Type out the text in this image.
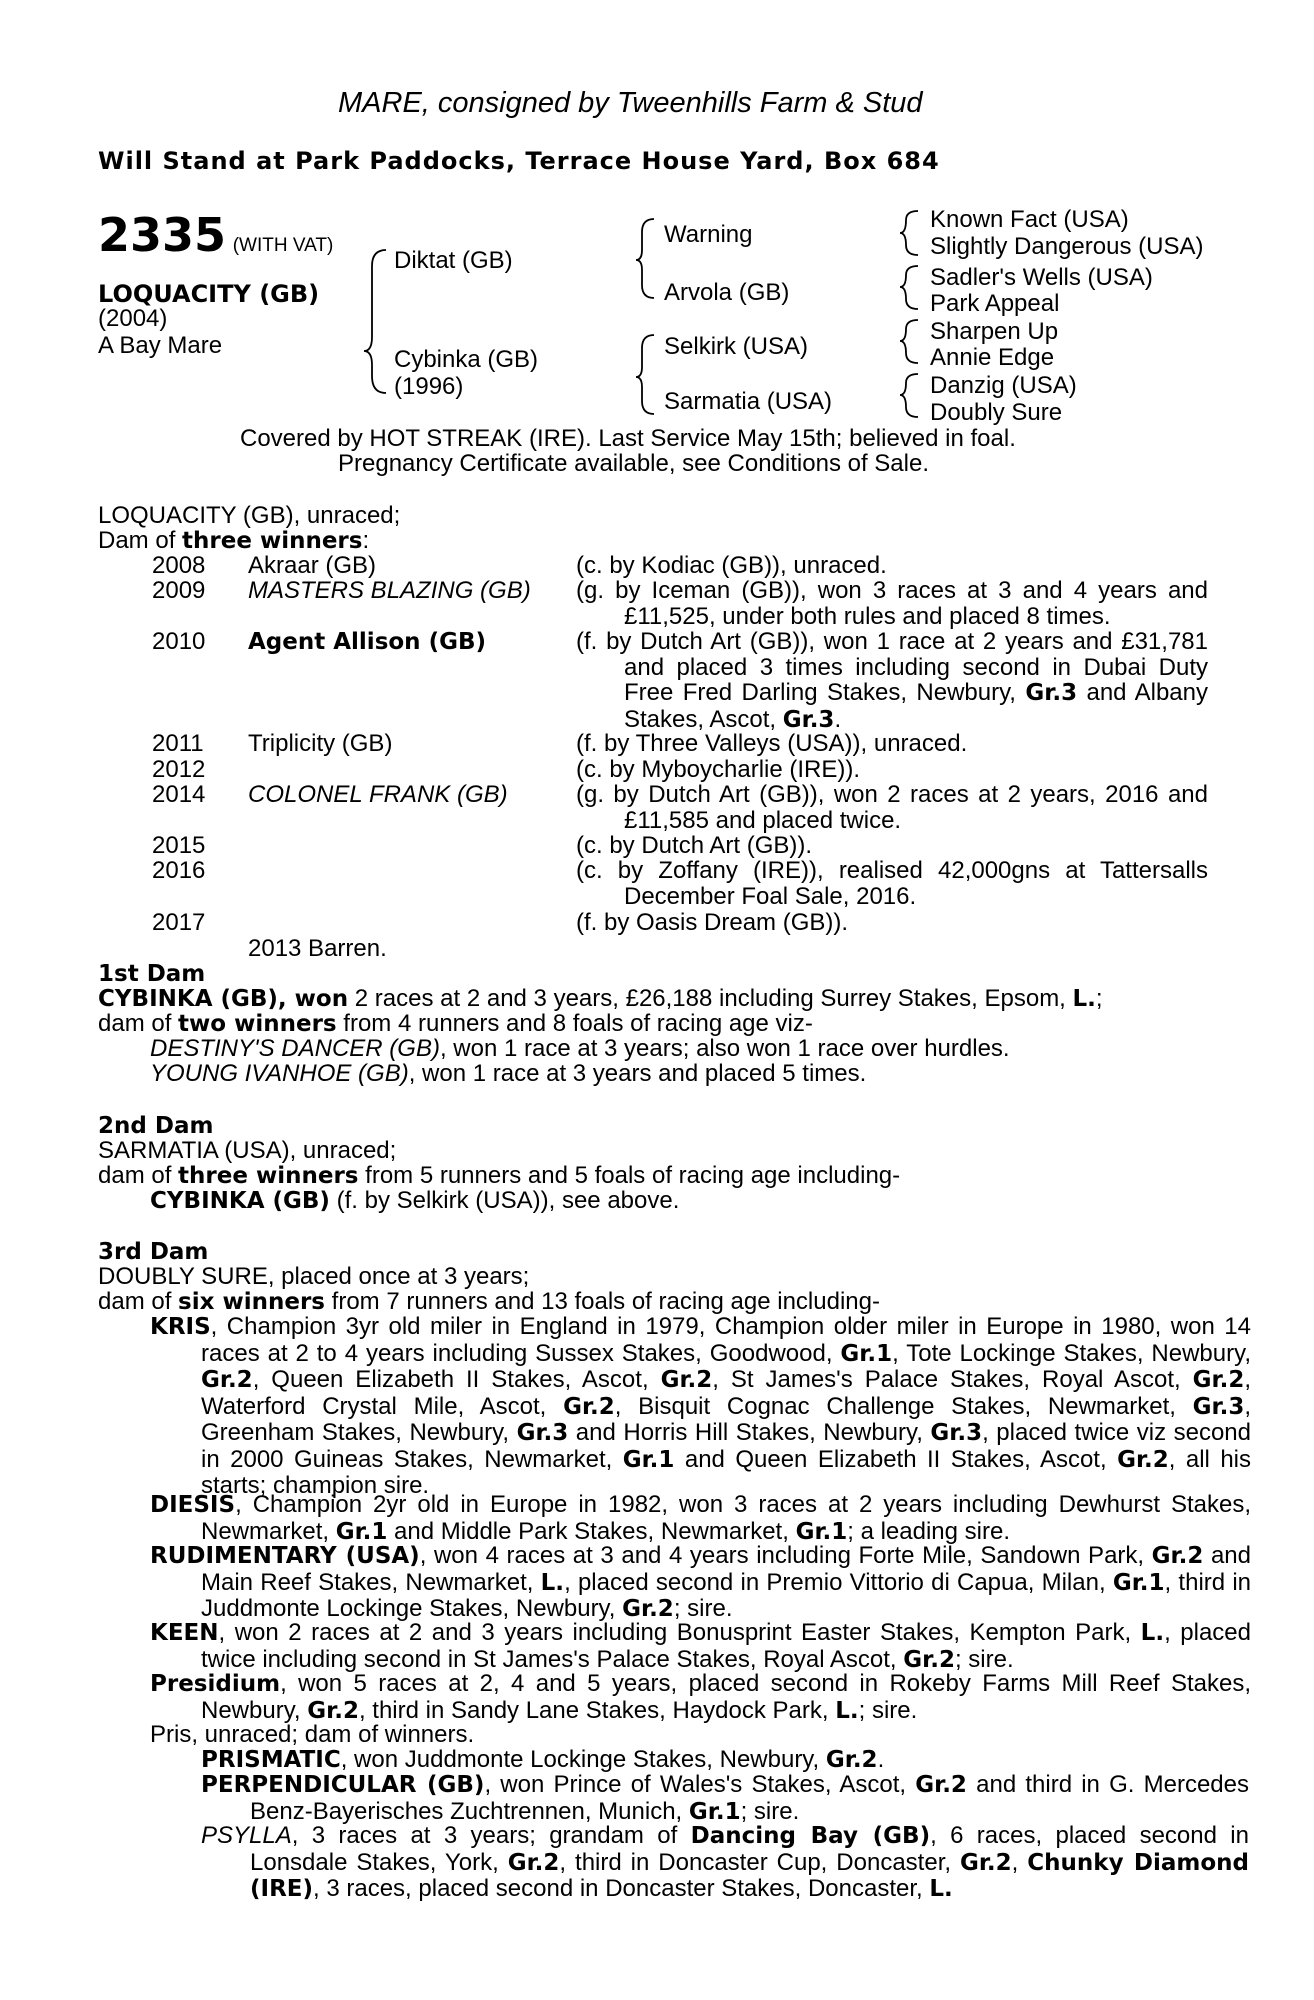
MARE, consigned by Tweenhills Farm & Stud
Will Stand at Park Paddocks, Terrace House Yard, Box 684
2335 (WITH VAT)
LOQUACITY (GB)
(2004)
A Bay Mare
Diktat (GB)
Cybinka (GB)
(1996)
Warning
Arvola (GB)
Selkirk (USA)
Sarmatia (USA)
Known Fact (USA)
Slightly Dangerous (USA)
Sadler's Wells (USA)
Park Appeal
Sharpen Up
Annie Edge
Danzig (USA)
Doubly Sure
Covered by HOT STREAK (IRE). Last Service May 15th; believed in foal.
Pregnancy Certificate available, see Conditions of Sale.
LOQUACITY (GB), unraced;
Dam of three winners:
2008 Akraar (GB)	(c. by Kodiac (GB)), unraced.
2009 MASTERS BLAZING (GB) (g. by Iceman (GB)), won 3 races at 3 and 4 years and £11,525, under both rules and placed 8 times.
2010 Agent Allison (GB)	(f. by Dutch Art (GB)), won 1 race at 2 years and £31,781 and placed 3 times including second in Dubai Duty Free Fred Darling Stakes, Newbury, Gr.3 and Albany Stakes, Ascot, Gr.3.
2011 Triplicity (GB)	(f. by Three Valleys (USA)), unraced.
2012	(c. by Myboycharlie (IRE)).
2014 COLONEL FRANK (GB)	(g. by Dutch Art (GB)), won 2 races at 2 years, 2016 and £11,585 and placed twice.
2015	(c. by Dutch Art (GB)).
2016	(c. by Zoffany (IRE)), realised 42,000gns at Tattersalls December Foal Sale, 2016.
2017	(f. by Oasis Dream (GB)).
2013 Barren.
1st Dam
CYBINKA (GB), won 2 races at 2 and 3 years, £26,188 including Surrey Stakes, Epsom, L.;
dam of two winners from 4 runners and 8 foals of racing age viz-
DESTINY'S DANCER (GB), won 1 race at 3 years; also won 1 race over hurdles.
YOUNG IVANHOE (GB), won 1 race at 3 years and placed 5 times.
2nd Dam
SARMATIA (USA), unraced;
dam of three winners from 5 runners and 5 foals of racing age including-
CYBINKA (GB) (f. by Selkirk (USA)), see above.
3rd Dam
DOUBLY SURE, placed once at 3 years;
dam of six winners from 7 runners and 13 foals of racing age including-
KRIS, Champion 3yr old miler in England in 1979, Champion older miler in Europe in 1980, won 14 races at 2 to 4 years including Sussex Stakes, Goodwood, Gr.1, Tote Lockinge Stakes, Newbury, Gr.2, Queen Elizabeth II Stakes, Ascot, Gr.2, St James's Palace Stakes, Royal Ascot, Gr.2, Waterford Crystal Mile, Ascot, Gr.2, Bisquit Cognac Challenge Stakes, Newmarket, Gr.3, Greenham Stakes, Newbury, Gr.3 and Horris Hill Stakes, Newbury, Gr.3, placed twice viz second in 2000 Guineas Stakes, Newmarket, Gr.1 and Queen Elizabeth II Stakes, Ascot, Gr.2, all his starts; champion sire.
DIESIS, Champion 2yr old in Europe in 1982, won 3 races at 2 years including Dewhurst Stakes, Newmarket, Gr.1 and Middle Park Stakes, Newmarket, Gr.1; a leading sire.
RUDIMENTARY (USA), won 4 races at 3 and 4 years including Forte Mile, Sandown Park, Gr.2 and Main Reef Stakes, Newmarket, L., placed second in Premio Vittorio di Capua, Milan, Gr.1, third in Juddmonte Lockinge Stakes, Newbury, Gr.2; sire.
KEEN, won 2 races at 2 and 3 years including Bonusprint Easter Stakes, Kempton Park, L., placed twice including second in St James's Palace Stakes, Royal Ascot, Gr.2; sire.
Presidium, won 5 races at 2, 4 and 5 years, placed second in Rokeby Farms Mill Reef Stakes, Newbury, Gr.2, third in Sandy Lane Stakes, Haydock Park, L.; sire.
Pris, unraced; dam of winners.
PRISMATIC, won Juddmonte Lockinge Stakes, Newbury, Gr.2.
PERPENDICULAR (GB), won Prince of Wales's Stakes, Ascot, Gr.2 and third in G. Mercedes Benz-Bayerisches Zuchtrennen, Munich, Gr.1; sire.
PSYLLA, 3 races at 3 years; grandam of Dancing Bay (GB), 6 races, placed second in Lonsdale Stakes, York, Gr.2, third in Doncaster Cup, Doncaster, Gr.2, Chunky Diamond (IRE), 3 races, placed second in Doncaster Stakes, Doncaster, L.
